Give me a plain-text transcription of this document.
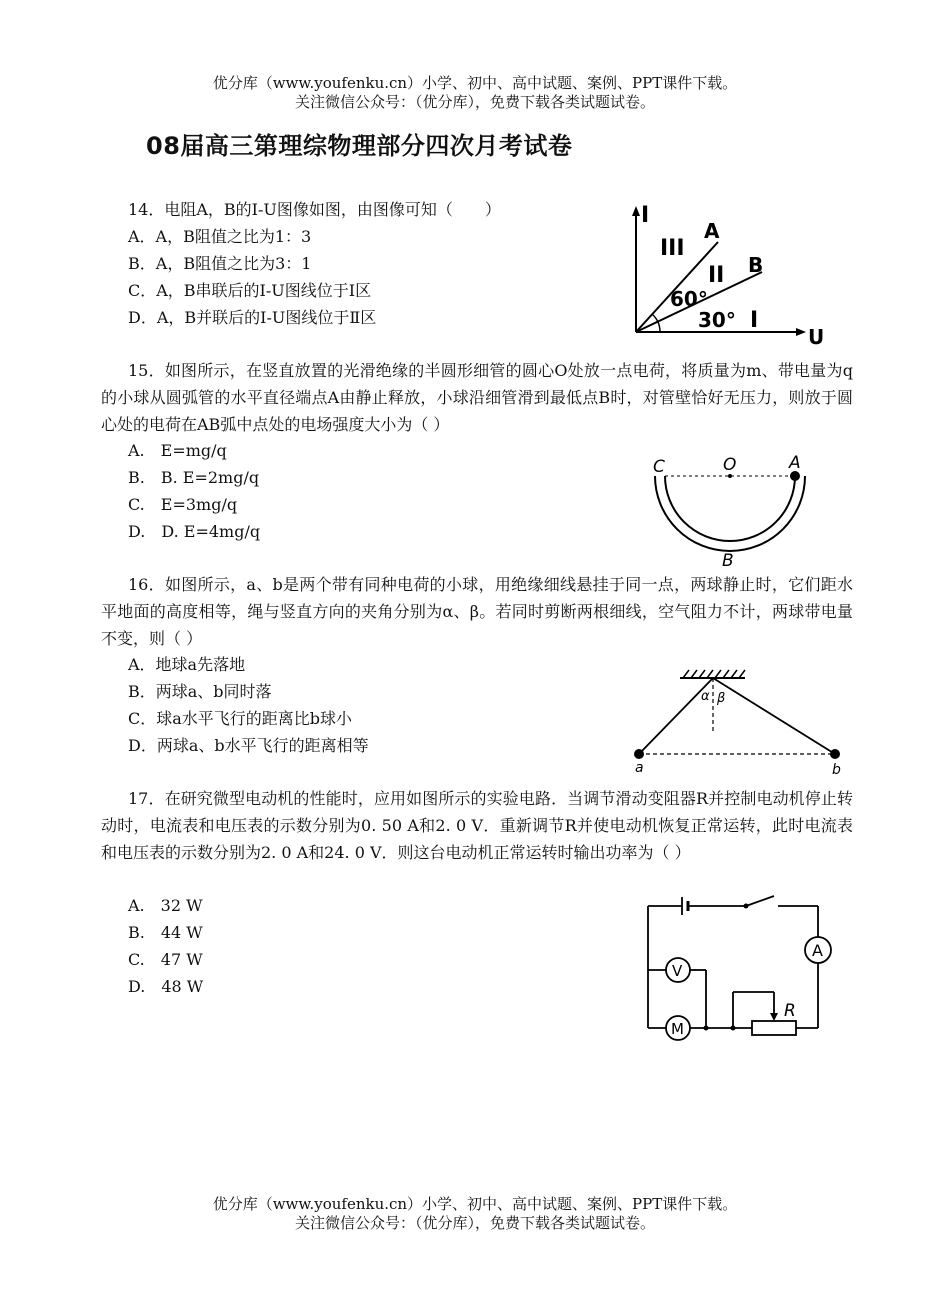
优分库（www.youfenku.cn）小学、初中、高中试题、案例、PPT课件下载。
关注微信公众号：（优分库），免费下载各类试题试卷。
08届高三第理综物理部分四次月考试卷
14．电阻A，B的I-U图像如图，由图像可知（　　）
A．A，B阻值之比为1：3
B．A，B阻值之比为3：1
C．A，B串联后的I-U图线位于Ⅰ区
D．A，B并联后的I-U图线位于Ⅱ区
I
U
III
A
II B
60°
30° I
15．如图所示，在竖直放置的光滑绝缘的半圆形细管的圆心O处放一点电荷，将质量为m、带电量为q的小球从圆弧管的水平直径端点A由静止释放，小球沿细管滑到最低点B时，对管壁恰好无压力，则放于圆心处的电荷在AB弧中点处的电场强度大小为（ ）
A.　E=mg/q
B.　B. E=2mg/q
C.　E=3mg/q
D.　D. E=4mg/q
C	O	A
B
16．如图所示，a、b是两个带有同种电荷的小球，用绝缘细线悬挂于同一点，两球静止时，它们距水平地面的高度相等，绳与竖直方向的夹角分别为α、β。若同时剪断两根细线，空气阻力不计，两球带电量不变，则（ ）
A．地球a先落地
B．两球a、b同时落
C．球a水平飞行的距离比b球小
D．两球a、b水平飞行的距离相等
α β
a	b
17．在研究微型电动机的性能时，应用如图所示的实验电路．当调节滑动变阻器R并控制电动机停止转动时，电流表和电压表的示数分别为0. 50 A和2. 0 V．重新调节R并使电动机恢复正常运转，此时电流表和电压表的示数分别为2. 0 A和24. 0 V．则这台电动机正常运转时输出功率为（ ）
A.　32 W
B.　44 W
C.　47 W
D.　48 W
A
V
M
R
优分库（www.youfenku.cn）小学、初中、高中试题、案例、PPT课件下载。
关注微信公众号：（优分库），免费下载各类试题试卷。
